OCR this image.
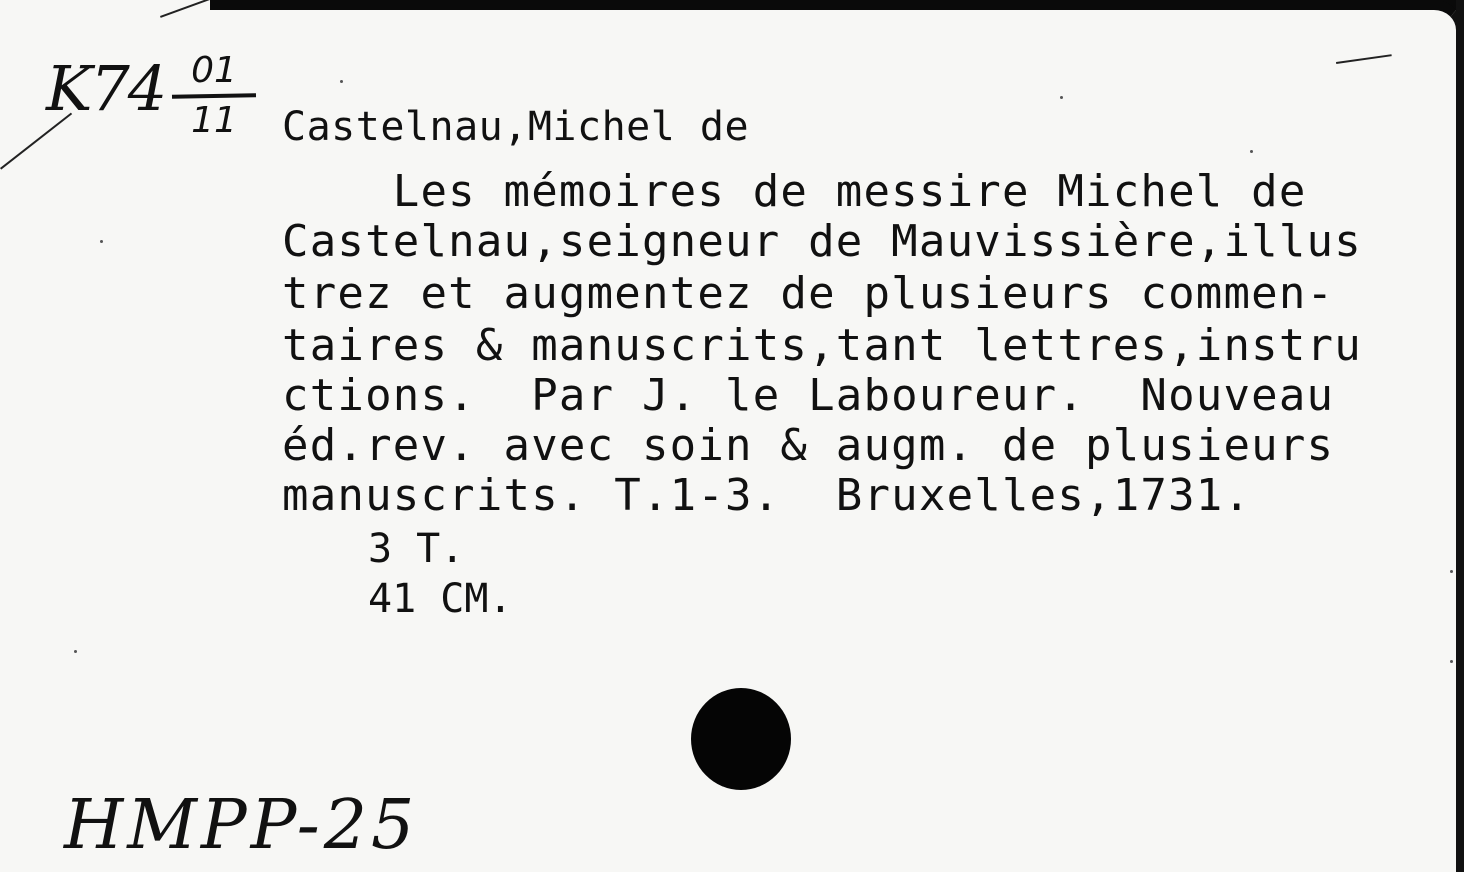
K74 01
11	Castelnau,Michel de
Les mémoires de messire Michel de
Castelnau,seigneur de Mauvissière,illus
trez et augmentez de plusieurs commen-
taires & manuscrits,tant lettres,instru
ctions.  Par J. le Laboureur.  Nouveau
éd.rev. avec soin & augm. de plusieurs
manuscrits. T.1-3.  Bruxelles,1731.
3 T.
41 CM.
HMPP-25
